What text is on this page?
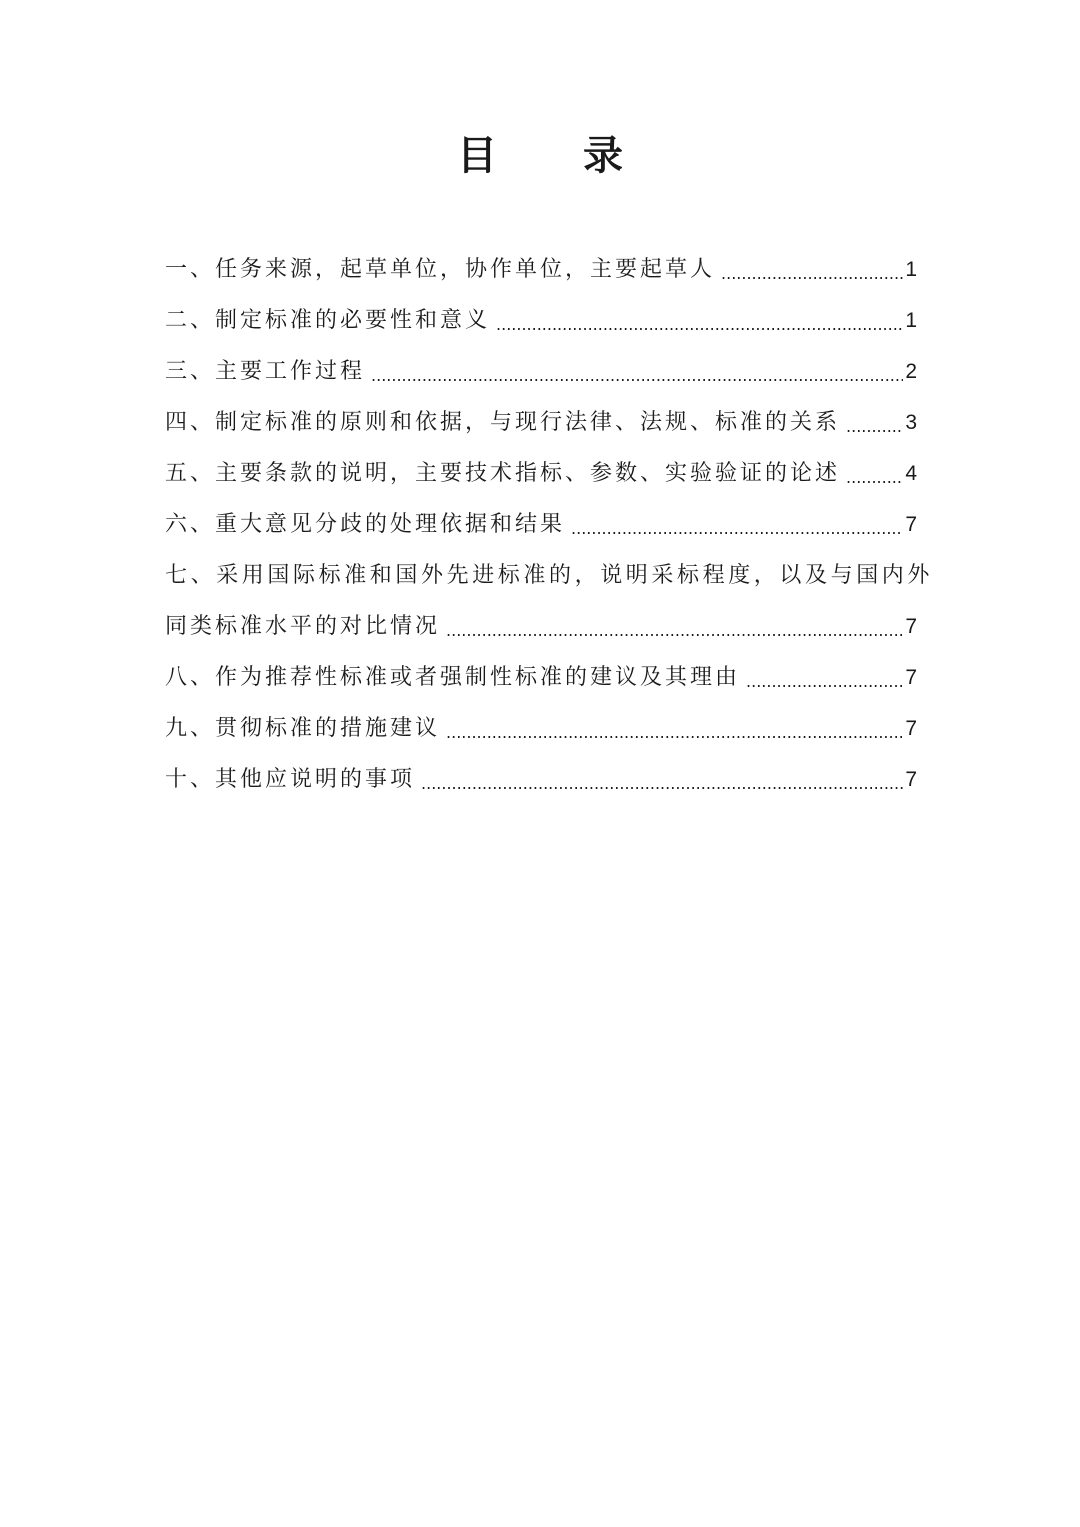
目 录
一、任务来源，起草单位，协作单位，主要起草人 .....	1
二、制定标准的必要性和意义 .....	1
三、主要工作过程 .....	2
四、制定标准的原则和依据，与现行法律、法规、标准的关系 .....	3
五、主要条款的说明，主要技术指标、参数、实验验证的论述 .....	4
六、重大意见分歧的处理依据和结果 .....	7
七、采用国际标准和国外先进标准的，说明采标程度，以及与国内外
同类标准水平的对比情况 .....	7
八、作为推荐性标准或者强制性标准的建议及其理由 .....	7
九、贯彻标准的措施建议 .....	7
十、其他应说明的事项 .....	7
